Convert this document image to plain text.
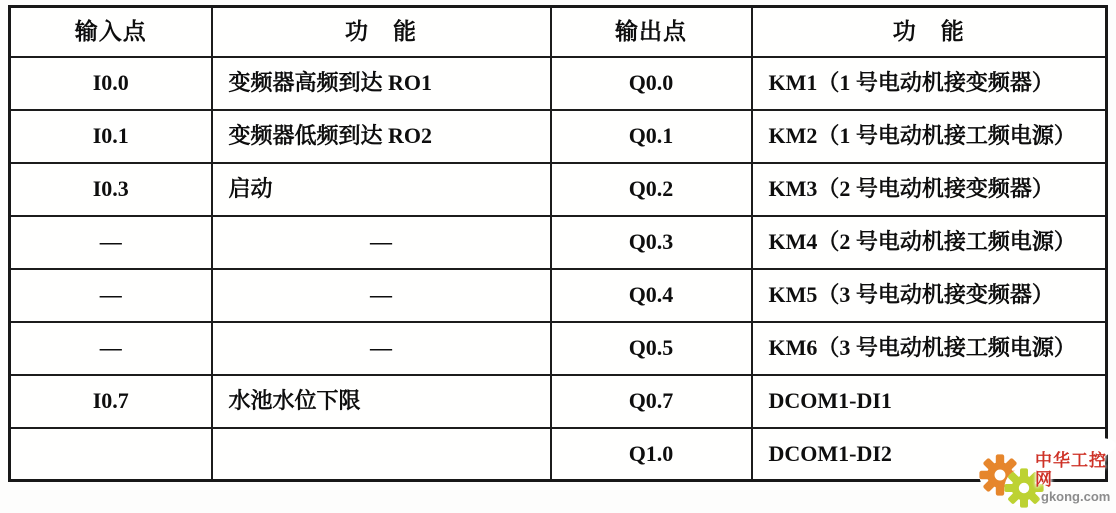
输入点	功　能	输出点	功　能
I0.0	变频器高频到达 RO1	Q0.0	KM1（1 号电动机接变频器）
I0.1	变频器低频到达 RO2	Q0.1	KM2（1 号电动机接工频电源）
I0.3	启动	Q0.2	KM3（2 号电动机接变频器）
—	—	Q0.3	KM4（2 号电动机接工频电源）
—	—	Q0.4	KM5（3 号电动机接变频器）
—	—	Q0.5	KM6（3 号电动机接工频电源）
I0.7	水池水位下限	Q0.7	DCOM1-DI1
		Q1.0	DCOM1-DI2	中华工控网
gkong.com
